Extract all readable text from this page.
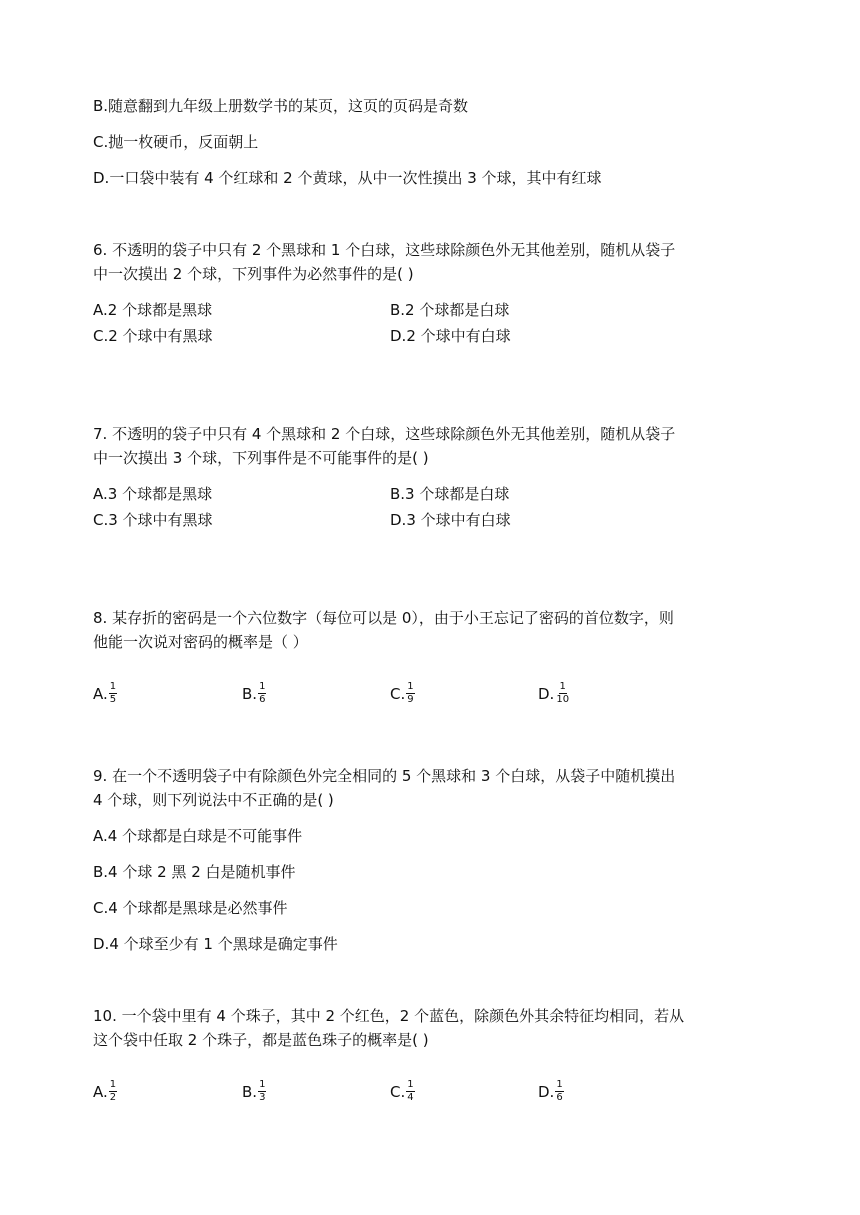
B.随意翻到九年级上册数学书的某页，这页的页码是奇数
C.抛一枚硬币，反面朝上
D.一口袋中装有 4 个红球和 2 个黄球，从中一次性摸出 3 个球，其中有红球
6. 不透明的袋子中只有 2 个黑球和 1 个白球，这些球除颜色外无其他差别，随机从袋子
中一次摸出 2 个球，下列事件为必然事件的是( )
A.2 个球都是黑球	B.2 个球都是白球
C.2 个球中有黑球	D.2 个球中有白球
7. 不透明的袋子中只有 4 个黑球和 2 个白球，这些球除颜色外无其他差别，随机从袋子
中一次摸出 3 个球，下列事件是不可能事件的是( )
A.3 个球都是黑球	B.3 个球都是白球
C.3 个球中有黑球	D.3 个球中有白球
8. 某存折的密码是一个六位数字（每位可以是 0），由于小王忘记了密码的首位数字，则
他能一次说对密码的概率是（ ）
A. $\frac{1}{5}$	B. $\frac{1}{6}$	C. $\frac{1}{9}$	D. $\frac{1}{10}$
9. 在一个不透明袋子中有除颜色外完全相同的 5 个黑球和 3 个白球，从袋子中随机摸出
4 个球，则下列说法中不正确的是( )
A.4 个球都是白球是不可能事件
B.4 个球 2 黑 2 白是随机事件
C.4 个球都是黑球是必然事件
D.4 个球至少有 1 个黑球是确定事件
10. 一个袋中里有 4 个珠子，其中 2 个红色，2 个蓝色，除颜色外其余特征均相同，若从
这个袋中任取 2 个珠子，都是蓝色珠子的概率是( )
A. $\frac{1}{2}$	B. $\frac{1}{3}$	C. $\frac{1}{4}$	D. $\frac{1}{6}$
